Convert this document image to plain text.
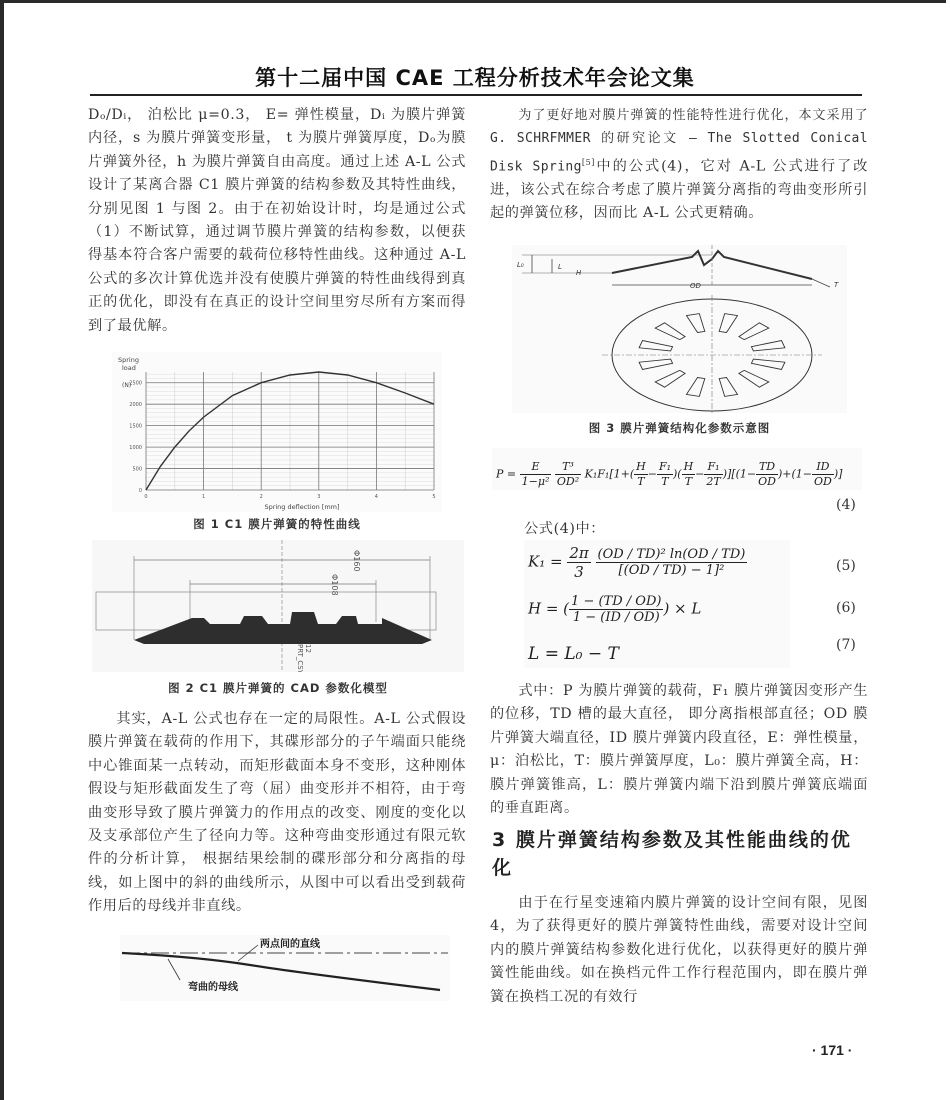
第十二届中国 CAE 工程分析技术年会论文集

Dₒ/Dᵢ， 泊松比 μ=0.3， E= 弹性模量，Dᵢ 为膜片弹簧内径，s 为膜片弹簧变形量， t 为膜片弹簧厚度，Dₒ为膜片弹簧外径，h 为膜片弹簧自由高度。通过上述 A-L 公式设计了某离合器 C1 膜片弹簧的结构参数及其特性曲线，分别见图 1 与图 2。由于在初始设计时，均是通过公式（1）不断试算，通过调节膜片弹簧的结构参数，以便获得基本符合客户需要的载荷位移特性曲线。这种通过 A-L 公式的多次计算优选并没有使膜片弹簧的特性曲线得到真正的优化，即没有在真正的设计空间里穷尽所有方案而得到了最优解。

0
500
1000
1500
2000
2500
0	1	2	3	4	5
Spring
load
(N)
Spring deflection [mm]
图 1 C1 膜片弹簧的特性曲线
Φ160
Φ108
PRT_CSYS 12
图 2 C1 膜片弹簧的 CAD 参数化模型

其实，A-L 公式也存在一定的局限性。A-L 公式假设膜片弹簧在载荷的作用下，其碟形部分的子午端面只能绕中心锥面某一点转动，而矩形截面本身不变形，这种刚体假设与矩形截面发生了弯（屈）曲变形并不相符，由于弯曲变形导致了膜片弹簧力的作用点的改变、刚度的变化以及支承部位产生了径向力等。这种弯曲变形通过有限元软件的分析计算， 根据结果绘制的碟形部分和分离指的母线，如上图中的斜的曲线所示，从图中可以看出受到载荷作用后的母线并非直线。

两点间的直线
弯曲的母线

为了更好地对膜片弹簧的性能特性进行优化，本文采用了 G. SCHRFMMER 的研究论文 — The Slotted Conical Disk Spring[5]中的公式(4)，它对 A-L 公式进行了改进，该公式在综合考虑了膜片弹簧分离指的弯曲变形所引起的弹簧位移，因而比 A-L 公式更精确。

L₀	L
H
T
OD
图 3 膜片弹簧结构化参数示意图
$P = \frac{E}{\text{1−μ²}}$
$\frac{\text{T³}}{\text{OD²}} K_1F_1[1+( \frac{H}{T} - \frac{\text{F₁}}{T}$ )( $\frac{H}{T} - \frac{\text{F₁}}{2T} )][(1- \frac{TD}{OD} )+(1- \frac{ID}{OD}$ )]
(4)

公式(4)中：

$K_1 = \frac{2\pi}{3}$
$\frac{\text{(OD / TD)² ln(OD / TD)}}{\text{[(OD / TD) − 1]²}}$
H = ( $\frac{1 - (TD / OD)}{1 - (ID / OD)}$ ) × L
L = L₀ − T
(5)
(6)
(7)

式中：P 为膜片弹簧的载荷，F₁ 膜片弹簧因变形产生的位移，TD 槽的最大直径， 即分离指根部直径；OD 膜片弹簧大端直径，ID 膜片弹簧内段直径，E：弹性模量，μ：泊松比，T：膜片弹簧厚度，L₀：膜片弹簧全高，H：膜片弹簧锥高，L：膜片弹簧内端下沿到膜片弹簧底端面的垂直距离。

3 膜片弹簧结构参数及其性能曲线的优化

由于在行星变速箱内膜片弹簧的设计空间有限，见图 4，为了获得更好的膜片弹簧特性曲线，需要对设计空间内的膜片弹簧结构参数化进行优化，以获得更好的膜片弹簧性能曲线。如在换档元件工作行程范围内，即在膜片弹簧在换档工况的有效行

· 171 ·
